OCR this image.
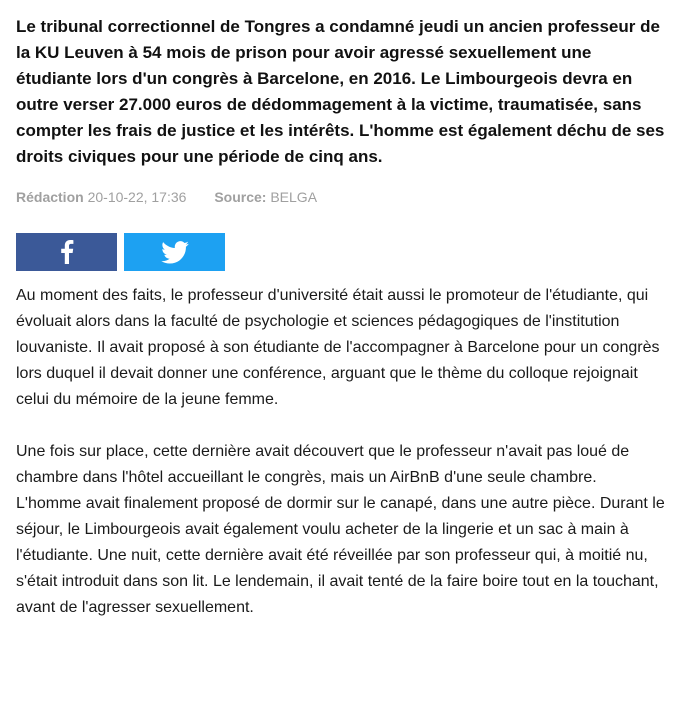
Le tribunal correctionnel de Tongres a condamné jeudi un ancien professeur de la KU Leuven à 54 mois de prison pour avoir agressé sexuellement une étudiante lors d'un congrès à Barcelone, en 2016. Le Limbourgeois devra en outre verser 27.000 euros de dédommagement à la victime, traumatisée, sans compter les frais de justice et les intérêts. L'homme est également déchu de ses droits civiques pour une période de cinq ans.

Rédaction 20-10-22, 17:36 Source: BELGA

Au moment des faits, le professeur d'université était aussi le promoteur de l'étudiante, qui évoluait alors dans la faculté de psychologie et sciences pédagogiques de l'institution louvaniste. Il avait proposé à son étudiante de l'accompagner à Barcelone pour un congrès lors duquel il devait donner une conférence, arguant que le thème du colloque rejoignait celui du mémoire de la jeune femme.

Une fois sur place, cette dernière avait découvert que le professeur n'avait pas loué de chambre dans l'hôtel accueillant le congrès, mais un AirBnB d'une seule chambre. L'homme avait finalement proposé de dormir sur le canapé, dans une autre pièce. Durant le séjour, le Limbourgeois avait également voulu acheter de la lingerie et un sac à main à l'étudiante. Une nuit, cette dernière avait été réveillée par son professeur qui, à moitié nu, s'était introduit dans son lit. Le lendemain, il avait tenté de la faire boire tout en la touchant, avant de l'agresser sexuellement.
